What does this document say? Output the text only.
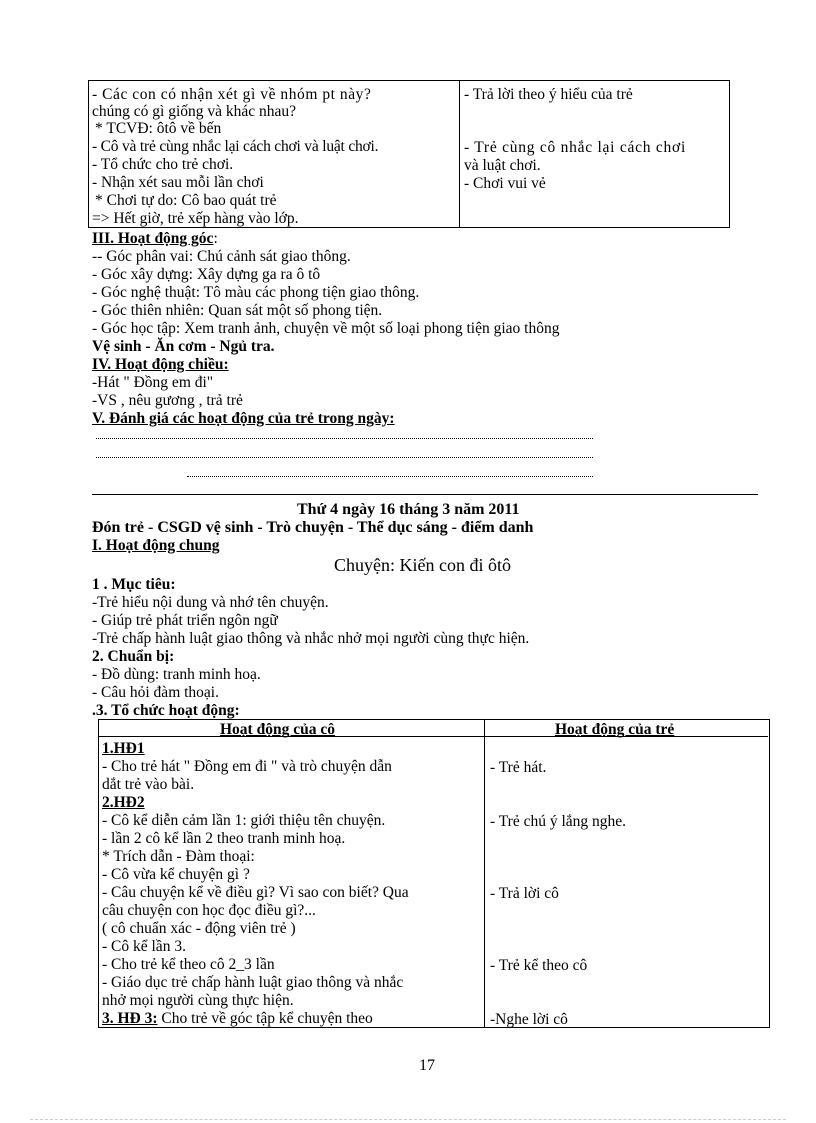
- Các con có nhận xét gì về nhóm pt này?
chúng có gì giống và khác nhau?
* TCVĐ: ôtô về bến
- Cô và trẻ cùng nhắc lại cách chơi và luật chơi.
- Tổ chức cho trẻ chơi.
- Nhận xét sau mỗi lần chơi
* Chơi tự do: Cô bao quát trẻ
=> Hết giờ, trẻ xếp hàng vào lớp.
- Trả lời theo ý hiểu của trẻ
- Trẻ cùng cô nhắc lại cách chơi
và luật chơi.
- Chơi vui vẻ
III. Hoạt động góc:
-- Góc phân vai: Chú cảnh sát giao thông.
- Góc xây dựng: Xây dựng ga ra ô tô
- Góc nghệ thuật: Tô màu các phong tiện giao thông.
- Góc thiên nhiên: Quan sát một số phong tiện.
- Góc học tập: Xem tranh ảnh, chuyện về một số loại phong tiện giao thông
Vệ sinh - Ăn cơm - Ngủ tra.
IV. Hoạt động chiều:
-Hát " Đồng em đi"
-VS , nêu gương , trả trẻ
V. Đánh giá các hoạt động của trẻ trong ngày:
Thứ 4 ngày 16 tháng 3 năm 2011
Đón trẻ - CSGD vệ sinh - Trò chuyện - Thể dục sáng - điểm danh
I. Hoạt động chung
Chuyện: Kiến con đi ôtô
1 . Mục tiêu:
-Trẻ hiểu nội dung và nhớ tên chuyện.
- Giúp trẻ phát triển ngôn ngữ
-Trẻ chấp hành luật giao thông và nhắc nhở mọi người cùng thực hiện.
2. Chuẩn bị:
- Đồ dùng: tranh minh hoạ.
- Câu hỏi đàm thoại.
.3. Tổ chức hoạt động:
Hoạt động của cô	Hoạt động của trẻ
1.HĐ1
- Cho trẻ hát " Đồng em đi " và trò chuyện dẫn
dắt trẻ vào bài.
2.HĐ2
- Cô kể diễn cảm lần 1: giới thiệu tên chuyện.
- lần 2 cô kể lần 2 theo tranh minh hoạ.
* Trích dẫn - Đàm thoại:
- Cô vừa kể chuyện gì ?
- Câu chuyện kể về điều gì? Vì sao con biết? Qua
câu chuyện con học đọc điều gì?...
( cô chuẩn xác - động viên trẻ )
- Cô kể lần 3.
- Cho trẻ kể theo cô 2_3 lần
- Giáo dục trẻ chấp hành luật giao thông và nhắc
nhở mọi người cùng thực hiện.
3. HĐ 3: Cho trẻ về góc tập kể chuyện theo
- Trẻ hát.
- Trẻ chú ý lắng nghe.
- Trả lời cô
- Trẻ kể theo cô
-Nghe lời cô
17
